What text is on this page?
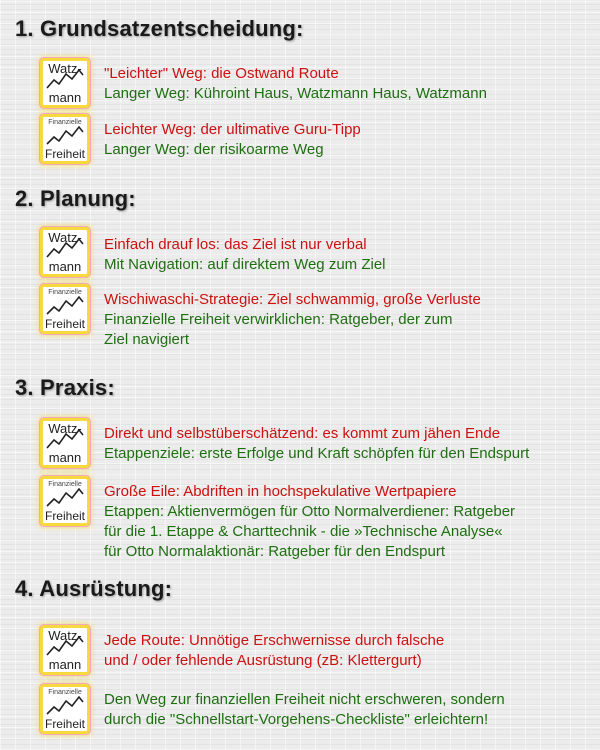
1. Grundsatzentscheidung:
Watz-
mann
"Leichter" Weg: die Ostwand Route
Langer Weg: Kühroint Haus, Watzmann Haus, Watzmann
Finanzielle
Freiheit
Leichter Weg: der ultimative Guru-Tipp
Langer Weg: der risikoarme Weg
2. Planung:
Watz-
mann
Einfach drauf los: das Ziel ist nur verbal
Mit Navigation: auf direktem Weg zum Ziel
Finanzielle
Freiheit
Wischiwaschi-Strategie: Ziel schwammig, große Verluste
Finanzielle Freiheit verwirklichen: Ratgeber, der zum
Ziel navigiert
3. Praxis:
Watz-
mann
Direkt und selbstüberschätzend: es kommt zum jähen Ende
Etappenziele: erste Erfolge und Kraft schöpfen für den Endspurt
Finanzielle
Freiheit
Große Eile: Abdriften in hochspekulative Wertpapiere
Etappen: Aktienvermögen für Otto Normalverdiener: Ratgeber
für die 1. Etappe & Charttechnik - die »Technische Analyse«
für Otto Normalaktionär: Ratgeber für den Endspurt
4. Ausrüstung:
Watz-
mann
Jede Route: Unnötige Erschwernisse durch falsche
und / oder fehlende Ausrüstung (zB: Klettergurt)
Finanzielle
Freiheit
Den Weg zur finanziellen Freiheit nicht erschweren, sondern
durch die "Schnellstart-Vorgehens-Checkliste" erleichtern!
